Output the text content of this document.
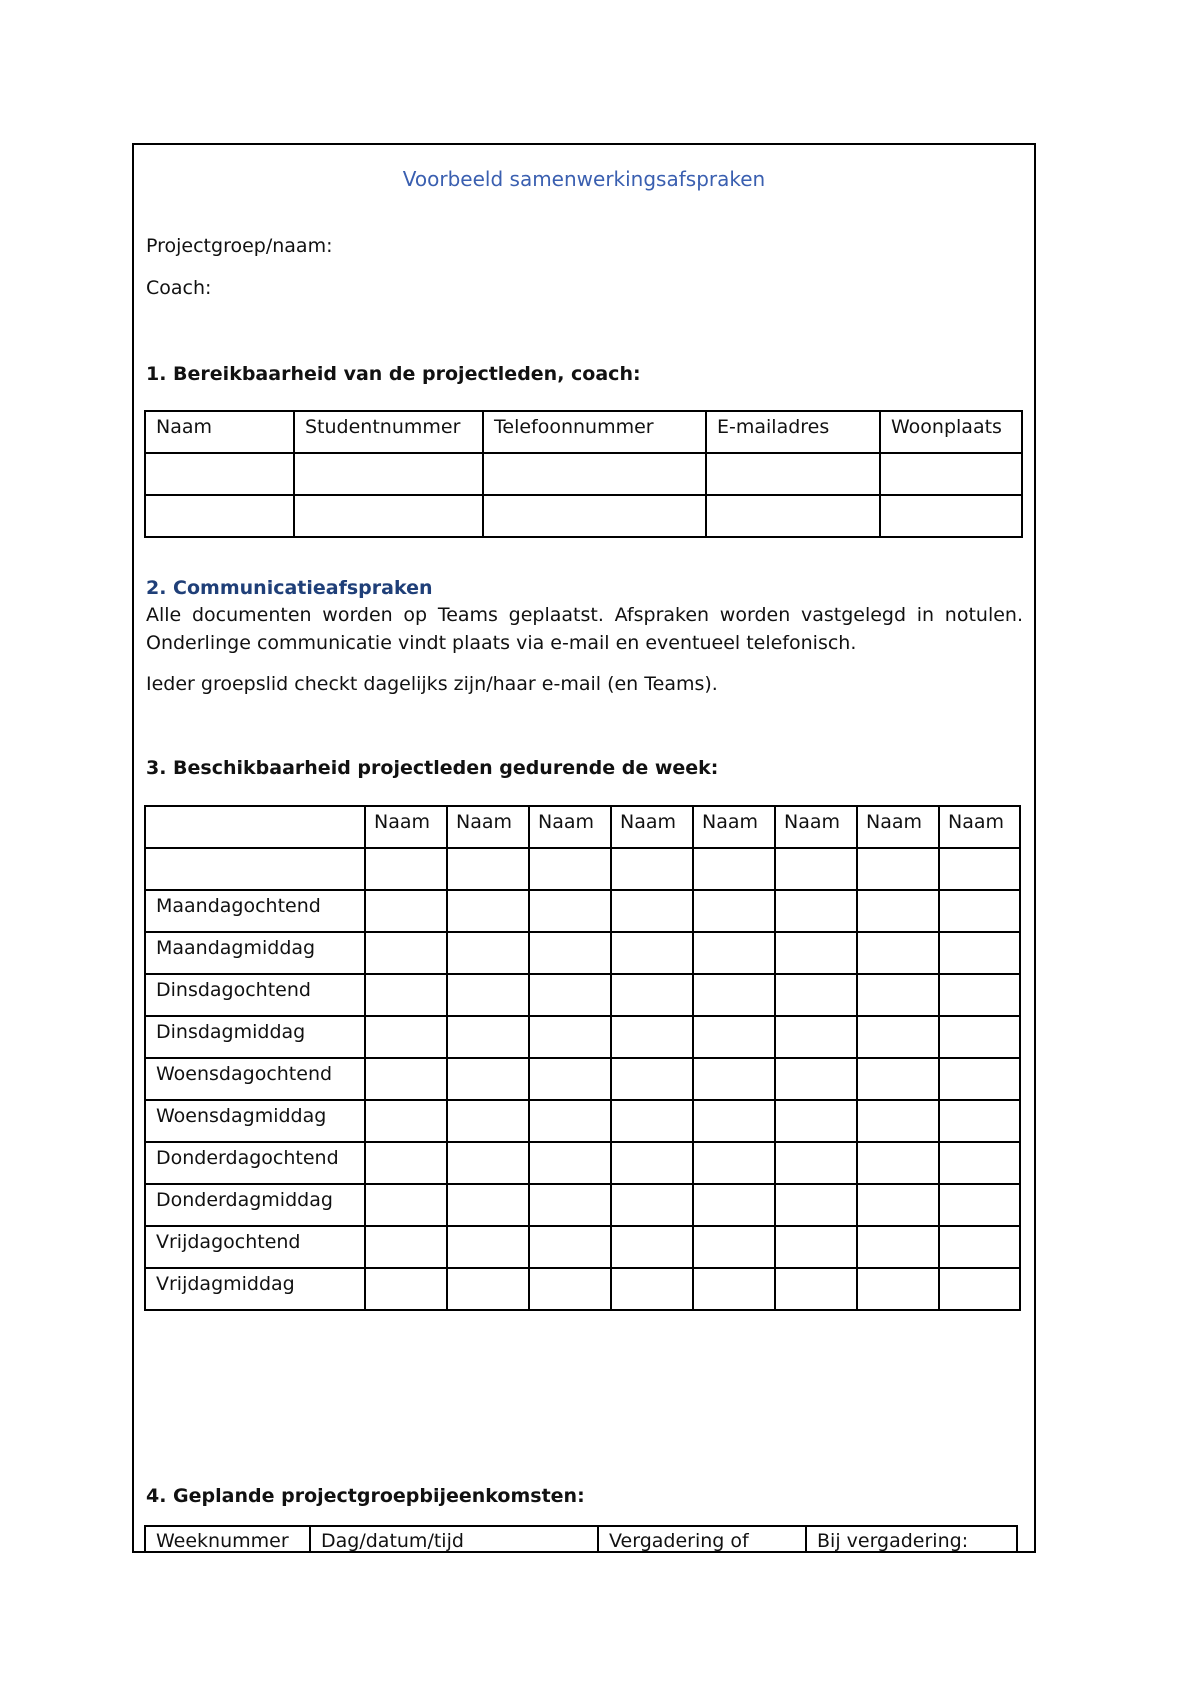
Voorbeeld samenwerkingsafspraken
Projectgroep/naam:
Coach:
1. Bereikbaarheid van de projectleden, coach:
Naam	Studentnummer	Telefoonnummer	E-mailadres	Woonplaats

2. Communicatieafspraken
Alle documenten worden op Teams geplaatst. Afspraken worden vastgelegd in notulen. Onderlinge communicatie vindt plaats via e-mail en eventueel telefonisch.
Ieder groepslid checkt dagelijks zijn/haar e-mail (en Teams).
3. Beschikbaarheid projectleden gedurende de week:
	Naam	Naam	Naam	Naam	Naam	Naam	Naam	Naam

Maandagochtend								
Maandagmiddag								
Dinsdagochtend								
Dinsdagmiddag								
Woensdagochtend								
Woensdagmiddag								
Donderdagochtend								
Donderdagmiddag								
Vrijdagochtend								
Vrijdagmiddag								
4. Geplande projectgroepbijeenkomsten:
Weeknummer	Dag/datum/tijd	Vergadering of	Bij vergadering:
